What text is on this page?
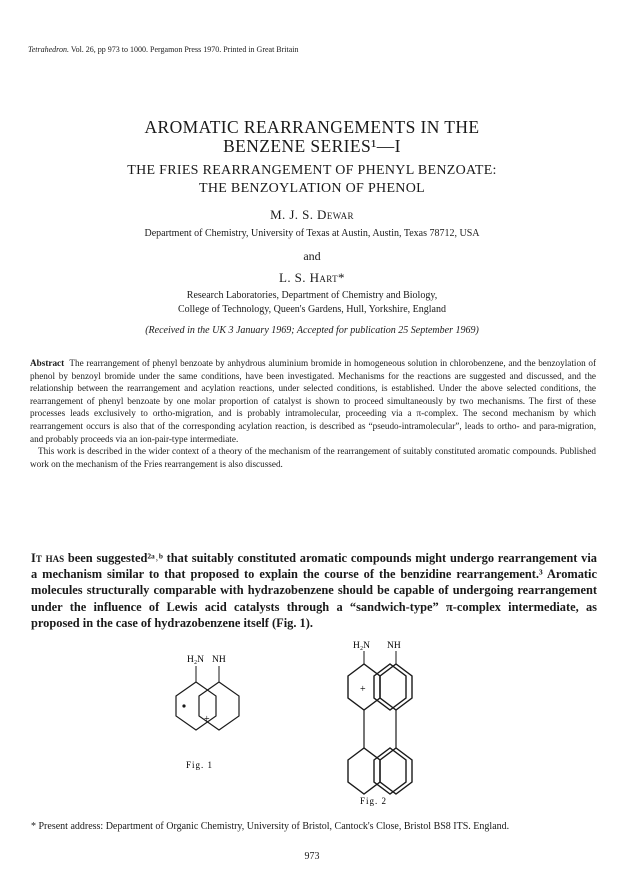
Tetrahedron. Vol. 26, pp 973 to 1000. Pergamon Press 1970. Printed in Great Britain
AROMATIC REARRANGEMENTS IN THE
BENZENE SERIES¹—I
THE FRIES REARRANGEMENT OF PHENYL BENZOATE:
THE BENZOYLATION OF PHENOL
M. J. S. Dewar
Department of Chemistry, University of Texas at Austin, Austin, Texas 78712, USA
and
L. S. Hart*
Research Laboratories, Department of Chemistry and Biology,
College of Technology, Queen's Gardens, Hull, Yorkshire, England
(Received in the UK 3 January 1969; Accepted for publication 25 September 1969)

Abstract The rearrangement of phenyl benzoate by anhydrous aluminium bromide in homogeneous solution in chlorobenzene, and the benzoylation of phenol by benzoyl bromide under the same conditions, have been investigated. Mechanisms for the reactions are suggested and discussed, and the relationship between the rearrangement and acylation reactions, under selected conditions, is established. Under the above selected conditions, the rearrangement of phenyl benzoate by one molar proportion of catalyst is shown to proceed simultaneously by two mechanisms. The first of these processes leads exclusively to ortho-migration, and is probably intramolecular, proceeding via a π-complex. The second mechanism by which rearrangement occurs is also that of the corresponding acylation reaction, is described as “pseudo-intramolecular”, leads to ortho- and para-migration, and probably proceeds via an ion-pair-type intermediate.

This work is described in the wider context of a theory of the mechanism of the rearrangement of suitably constituted aromatic compounds. Published work on the mechanism of the Fries rearrangement is also discussed.

It has been suggested²ᵃ˒ᵇ that suitably constituted aromatic compounds might undergo rearrangement via a mechanism similar to that proposed to explain the course of the benzidine rearrangement.³ Aromatic molecules structurally comparable with hydrazobenzene should be capable of undergoing rearrangement under the influence of Lewis acid catalysts through a “sandwich-type” π-complex intermediate, as proposed in the case of hydrazobenzene itself (Fig. 1).
H₂N NH
+
Fig. 1
H₂N NH
+
Fig. 2
* Present address: Department of Organic Chemistry, University of Bristol, Cantock's Close, Bristol BS8 ITS. England.
973
